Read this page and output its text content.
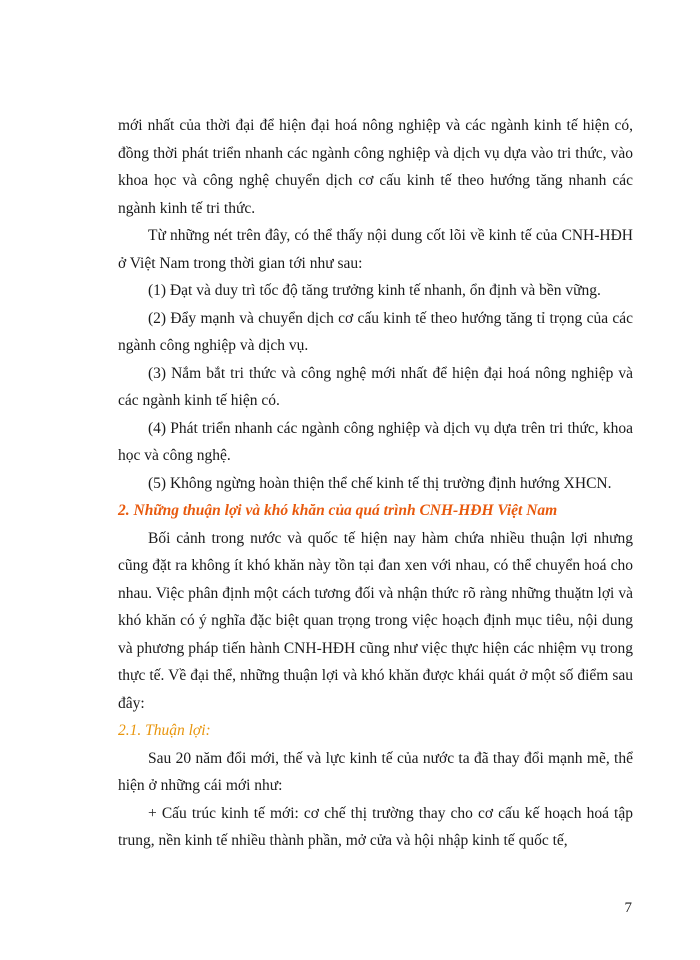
mới nhất của thời đại để hiện đại hoá nông nghiệp và các ngành kinh tế hiện có, đồng thời phát triển nhanh các ngành công nghiệp và dịch vụ dựa vào tri thức, vào khoa học và công nghệ chuyển dịch cơ cấu kinh tế theo hướng tăng nhanh các ngành kinh tế tri thức.

Từ những nét trên đây, có thể thấy nội dung cốt lõi về kinh tế của CNH-HĐH ở Việt Nam trong thời gian tới như sau:

(1) Đạt và duy trì tốc độ tăng trưởng kinh tế nhanh, ổn định và bền vững.

(2) Đẩy mạnh và chuyển dịch cơ cấu kinh tế theo hướng tăng tỉ trọng của các ngành công nghiệp và dịch vụ.

(3) Nắm bắt tri thức và công nghệ mới nhất để hiện đại hoá nông nghiệp và các ngành kinh tế hiện có.

(4) Phát triển nhanh các ngành công nghiệp và dịch vụ dựa trên tri thức, khoa học và công nghệ.

(5) Không ngừng hoàn thiện thể chế kinh tế thị trường định hướng XHCN.

2. Những thuận lợi và khó khăn của quá trình CNH-HĐH Việt Nam

Bối cảnh trong nước và quốc tế hiện nay hàm chứa nhiều thuận lợi nhưng cũng đặt ra không ít khó khăn này tồn tại đan xen với nhau, có thể chuyển hoá cho nhau. Việc phân định một cách tương đối và nhận thức rõ ràng những thuặtn lợi và khó khăn có ý nghĩa đặc biệt quan trọng trong việc hoạch định mục tiêu, nội dung và phương pháp tiến hành CNH-HĐH cũng như việc thực hiện các nhiệm vụ trong thực tế. Về đại thể, những thuận lợi và khó khăn được khái quát ở một số điểm sau đây:

2.1. Thuận lợi:

Sau 20 năm đổi mới, thế và lực kinh tế của nước ta đã thay đổi mạnh mẽ, thể hiện ở những cái mới như:

+ Cấu trúc kinh tế mới: cơ chế thị trường thay cho cơ cấu kế hoạch hoá tập trung, nền kinh tế nhiều thành phần, mở cửa và hội nhập kinh tế quốc tế,

7
